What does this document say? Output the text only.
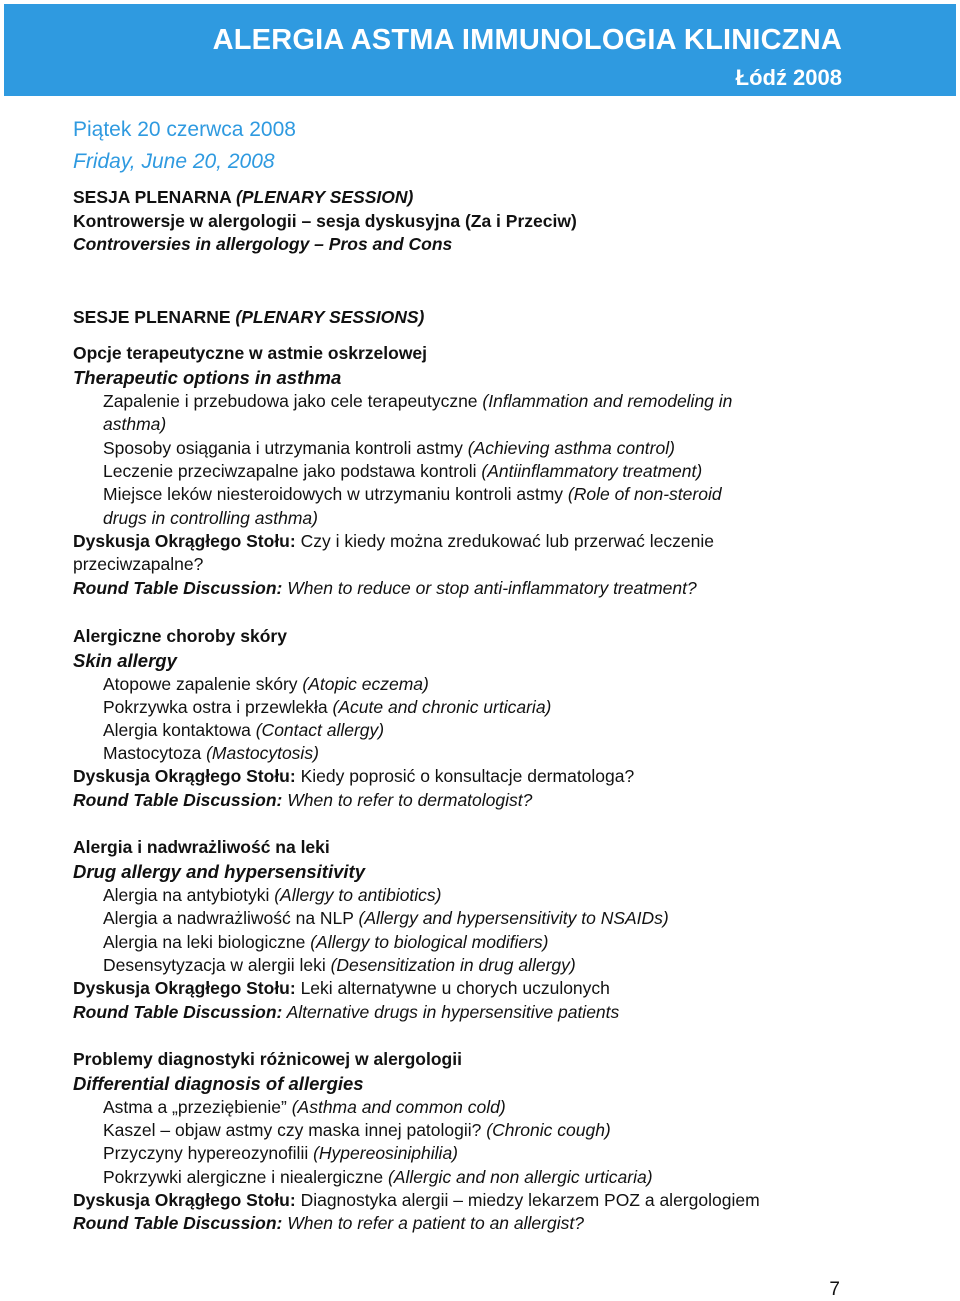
ALERGIA ASTMA IMMUNOLOGIA KLINICZNA
Łódź 2008
Piątek 20 czerwca 2008
Friday, June 20, 2008
SESJA PLENARNA (PLENARY SESSION)
Kontrowersje w alergologii – sesja dyskusyjna (Za i Przeciw)
Controversies in allergology – Pros and Cons
SESJE PLENARNE (PLENARY SESSIONS)
Opcje terapeutyczne w astmie oskrzelowej
Therapeutic options in asthma
Zapalenie i przebudowa jako cele terapeutyczne (Inflammation and remodeling in
asthma)
Sposoby osiągania i utrzymania kontroli astmy (Achieving asthma control)
Leczenie przeciwzapalne jako podstawa kontroli (Antiinflammatory treatment)
Miejsce leków niesteroidowych w utrzymaniu kontroli astmy (Role of non-steroid
drugs in controlling asthma)
Dyskusja Okrągłego Stołu: Czy i kiedy można zredukować lub przerwać leczenie
przeciwzapalne?
Round Table Discussion: When to reduce or stop anti-inflammatory treatment?
Alergiczne choroby skóry
Skin allergy
Atopowe zapalenie skóry (Atopic eczema)
Pokrzywka ostra i przewlekła (Acute and chronic urticaria)
Alergia kontaktowa (Contact allergy)
Mastocytoza (Mastocytosis)
Dyskusja Okrągłego Stołu: Kiedy poprosić o konsultacje dermatologa?
Round Table Discussion: When to refer to dermatologist?
Alergia i nadwrażliwość na leki
Drug allergy and hypersensitivity
Alergia na antybiotyki (Allergy to antibiotics)
Alergia a nadwrażliwość na NLP (Allergy and hypersensitivity to NSAIDs)
Alergia na leki biologiczne (Allergy to biological modifiers)
Desensytyzacja w alergii leki (Desensitization in drug allergy)
Dyskusja Okrągłego Stołu: Leki alternatywne u chorych uczulonych
Round Table Discussion: Alternative drugs in hypersensitive patients
Problemy diagnostyki różnicowej w alergologii
Differential diagnosis of allergies
Astma a „przeziębienie” (Asthma and common cold)
Kaszel – objaw astmy czy maska innej patologii? (Chronic cough)
Przyczyny hypereozynofilii (Hypereosiniphilia)
Pokrzywki alergiczne i niealergiczne (Allergic and non allergic urticaria)
Dyskusja Okrągłego Stołu: Diagnostyka alergii – miedzy lekarzem POZ a alergologiem
Round Table Discussion: When to refer a patient to an allergist?
7
